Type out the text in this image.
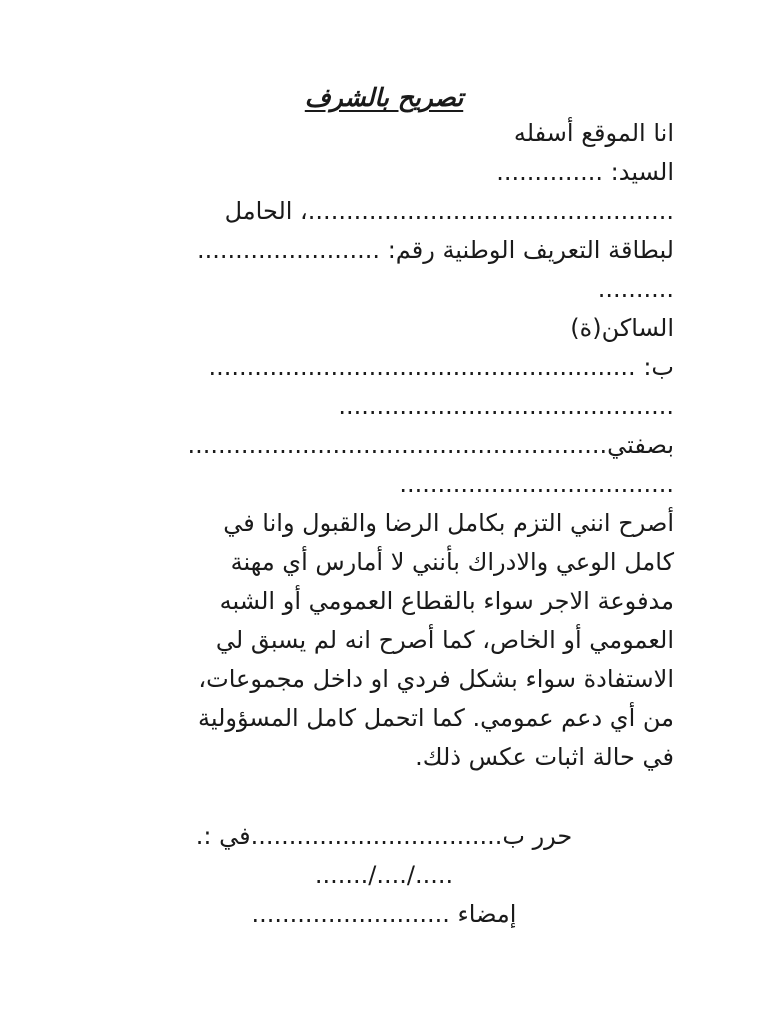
تصريح بالشرف
انا الموقع أسفله
السيد: ..............
................................................، الحامل
لبطاقة التعريف الوطنية رقم: ........................
..........
الساكن(ة)
ب: ........................................................
............................................
بصفتي.......................................................
....................................
أصرح انني التزم بكامل الرضا والقبول وانا في
كامل الوعي والادراك بأنني لا أمارس أي مهنة
مدفوعة الاجر سواء بالقطاع العمومي أو الشبه
العمومي أو الخاص، كما أصرح انه لم يسبق لي
الاستفادة سواء بشكل فردي او داخل مجموعات،
من أي دعم عمومي. كما اتحمل كامل المسؤولية
في حالة اثبات عكس ذلك.
حرر ب.................................في :.
...../..../.......
إمضاء ..........................
